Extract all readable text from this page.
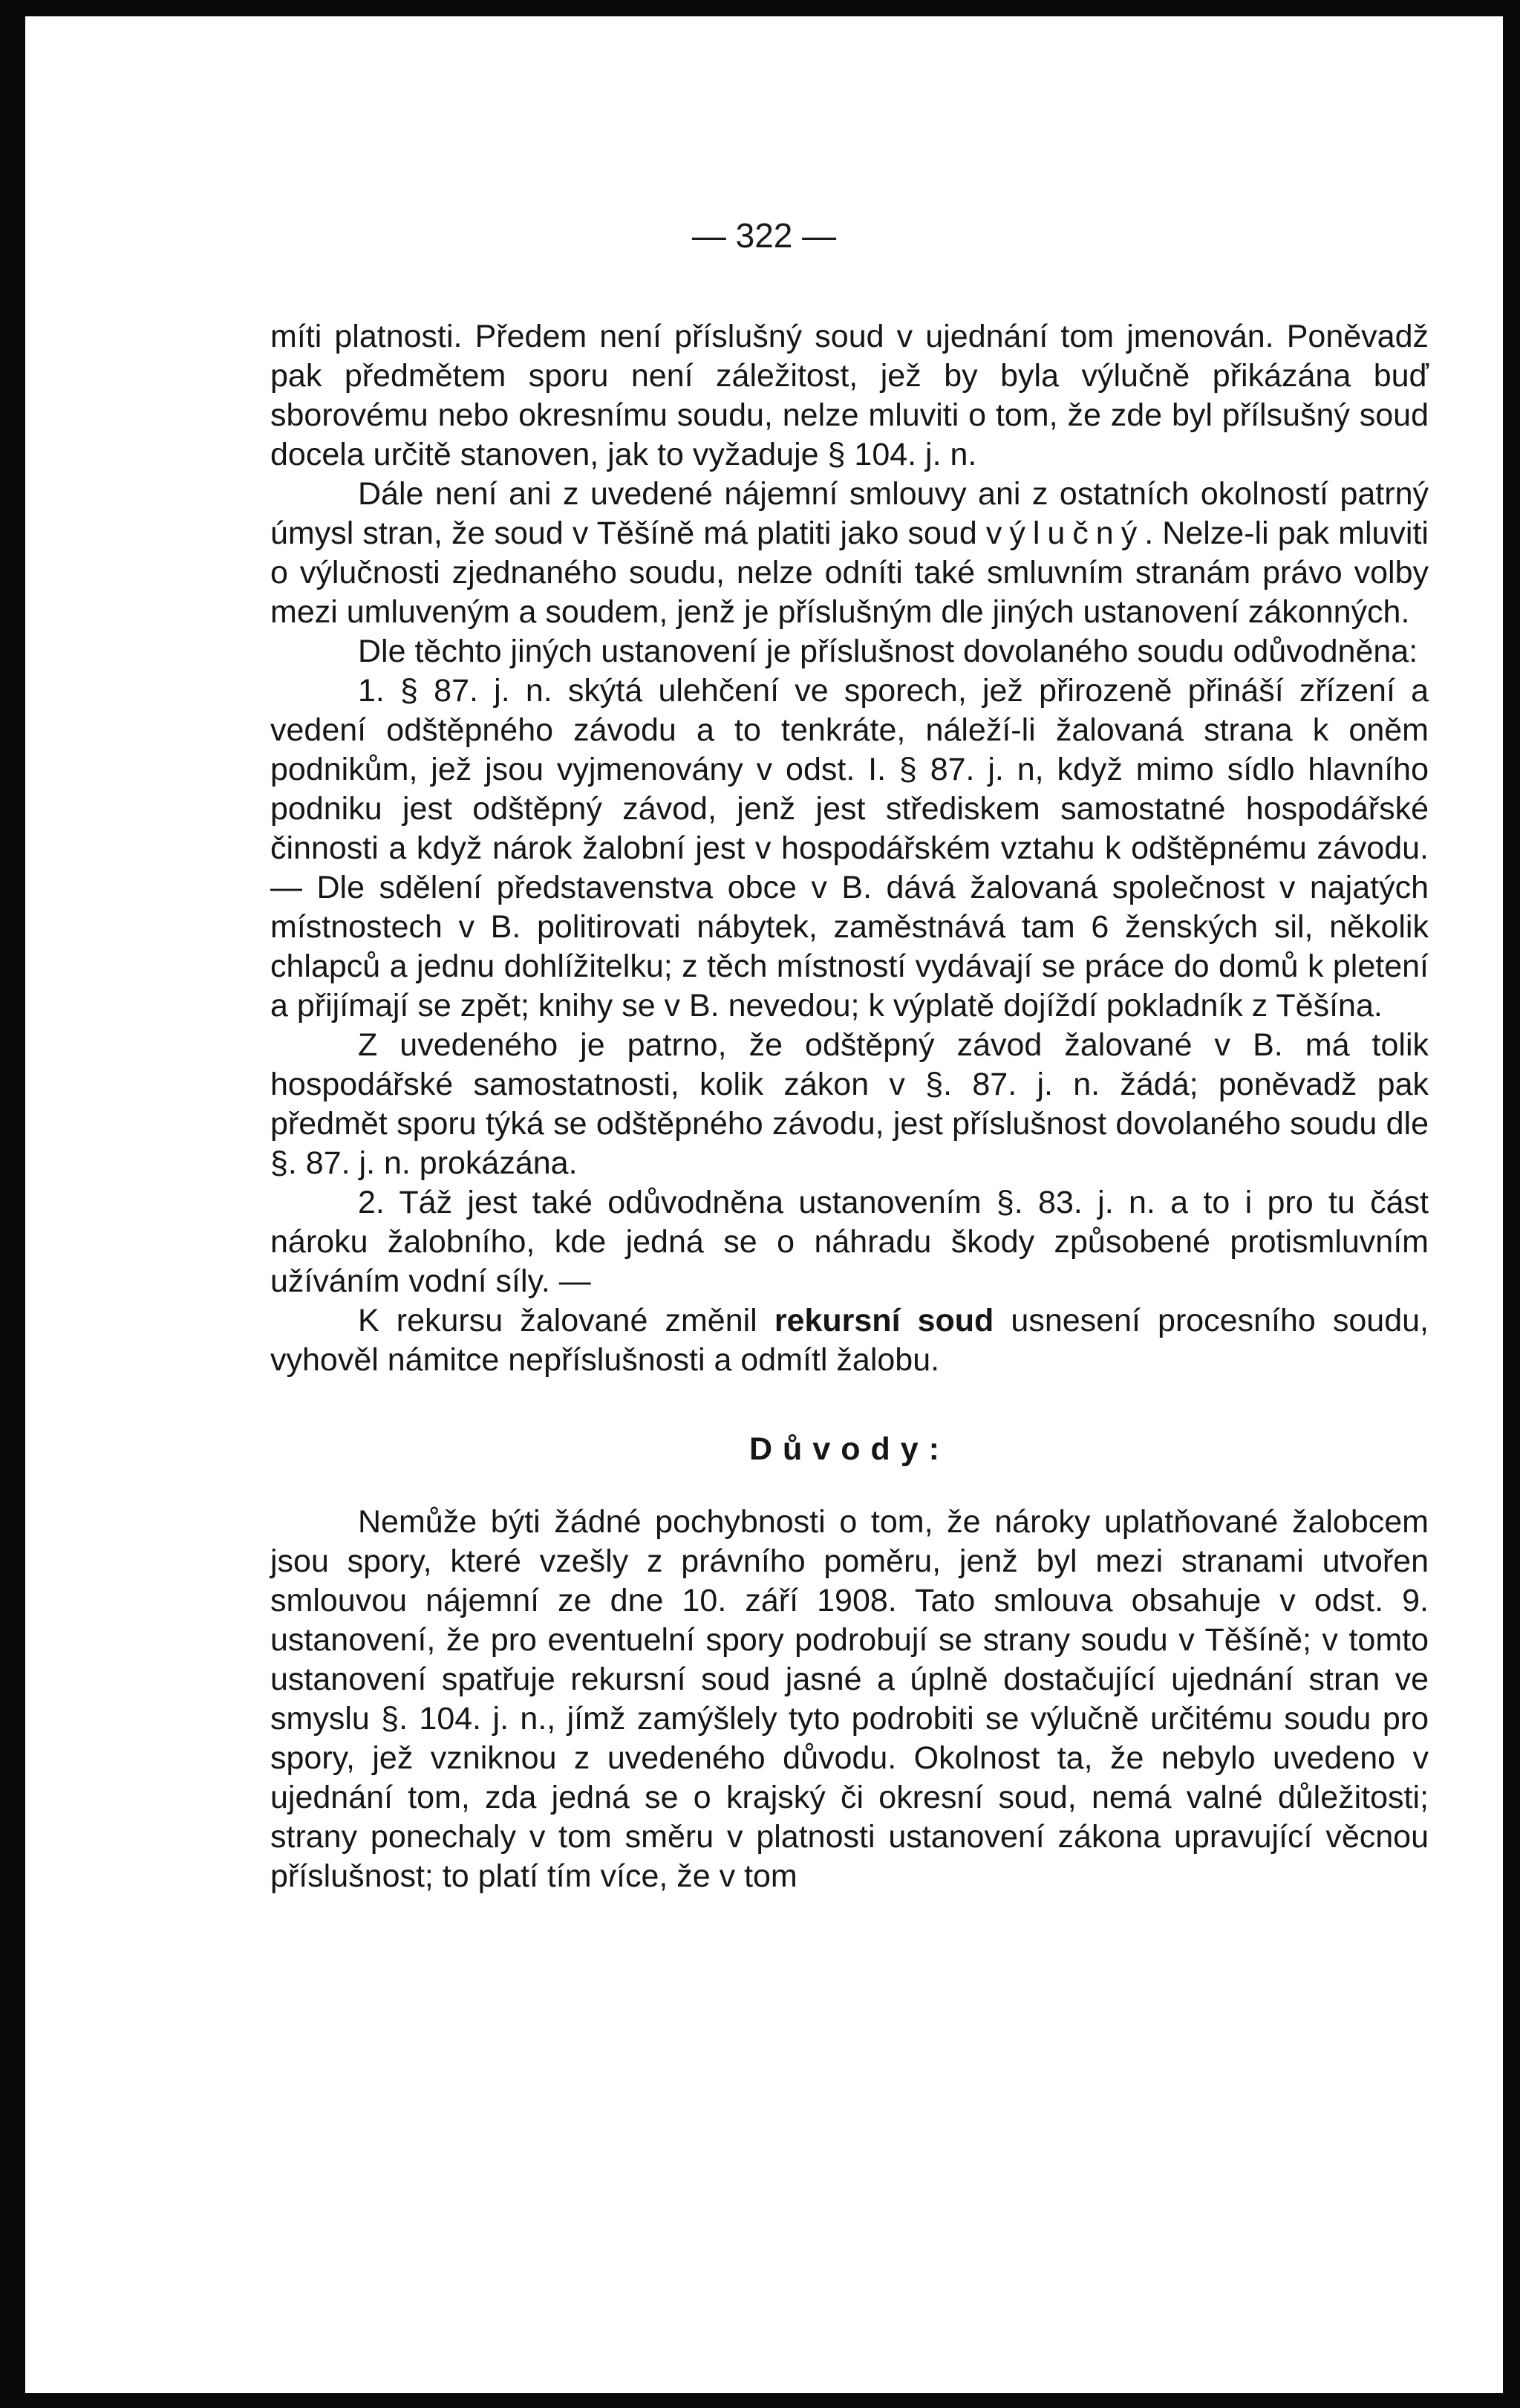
— 322 —

míti platnosti. Předem není příslušný soud v ujednání tom jmenován. Poněvadž pak předmětem sporu není záležitost, jež by byla výlučně přikázána buď sborovému nebo okresnímu soudu, nelze mluviti o tom, že zde byl přílsušný soud docela určitě stanoven, jak to vyžaduje § 104. j. n.

Dále není ani z uvedené nájemní smlouvy ani z ostatních okolností patrný úmysl stran, že soud v Těšíně má platiti jako soud výlučný. Nelze-li pak mluviti o výlučnosti zjednaného soudu, nelze odníti také smluvním stranám právo volby mezi umluveným a soudem, jenž je příslušným dle jiných ustanovení zákonných.

Dle těchto jiných ustanovení je příslušnost dovolaného soudu odůvodněna:

1. § 87. j. n. skýtá ulehčení ve sporech, jež přirozeně přináší zřízení a vedení odštěpného závodu a to tenkráte, náleží-li žalovaná strana k oněm podnikům, jež jsou vyjmenovány v odst. I. § 87. j. n, když mimo sídlo hlavního podniku jest odštěpný závod, jenž jest střediskem samostatné hospodářské činnosti a když nárok žalobní jest v hospodářském vztahu k odštěpnému závodu. — Dle sdělení představenstva obce v B. dává žalovaná společnost v najatých místnostech v B. politirovati nábytek, zaměstnává tam 6 ženských sil, několik chlapců a jednu dohlížitelku; z těch místností vydávají se práce do domů k pletení a přijímají se zpět; knihy se v B. nevedou; k výplatě dojíždí pokladník z Těšína.

Z uvedeného je patrno, že odštěpný závod žalované v B. má tolik hospodářské samostatnosti, kolik zákon v §. 87. j. n. žádá; poněvadž pak předmět sporu týká se odštěpného závodu, jest příslušnost dovolaného soudu dle §. 87. j. n. prokázána.

2. Táž jest také odůvodněna ustanovením §. 83. j. n. a to i pro tu část nároku žalobního, kde jedná se o náhradu škody způsobené protismluvním užíváním vodní síly. —

K rekursu žalované změnil rekursní soud usnesení procesního soudu, vyhověl námitce nepříslušnosti a odmítl žalobu.

Důvody:

Nemůže býti žádné pochybnosti o tom, že nároky uplatňované žalobcem jsou spory, které vzešly z právního poměru, jenž byl mezi stranami utvořen smlouvou nájemní ze dne 10. září 1908. Tato smlouva obsahuje v odst. 9. ustanovení, že pro eventuelní spory podrobují se strany soudu v Těšíně; v tomto ustanovení spatřuje rekursní soud jasné a úplně dostačující ujednání stran ve smyslu §. 104. j. n., jímž zamýšlely tyto podrobiti se výlučně určitému soudu pro spory, jež vzniknou z uvedeného důvodu. Okolnost ta, že nebylo uvedeno v ujednání tom, zda jedná se o krajský či okresní soud, nemá valné důležitosti; strany ponechaly v tom směru v platnosti ustanovení zákona upravující věcnou příslušnost; to platí tím více, že v tom
